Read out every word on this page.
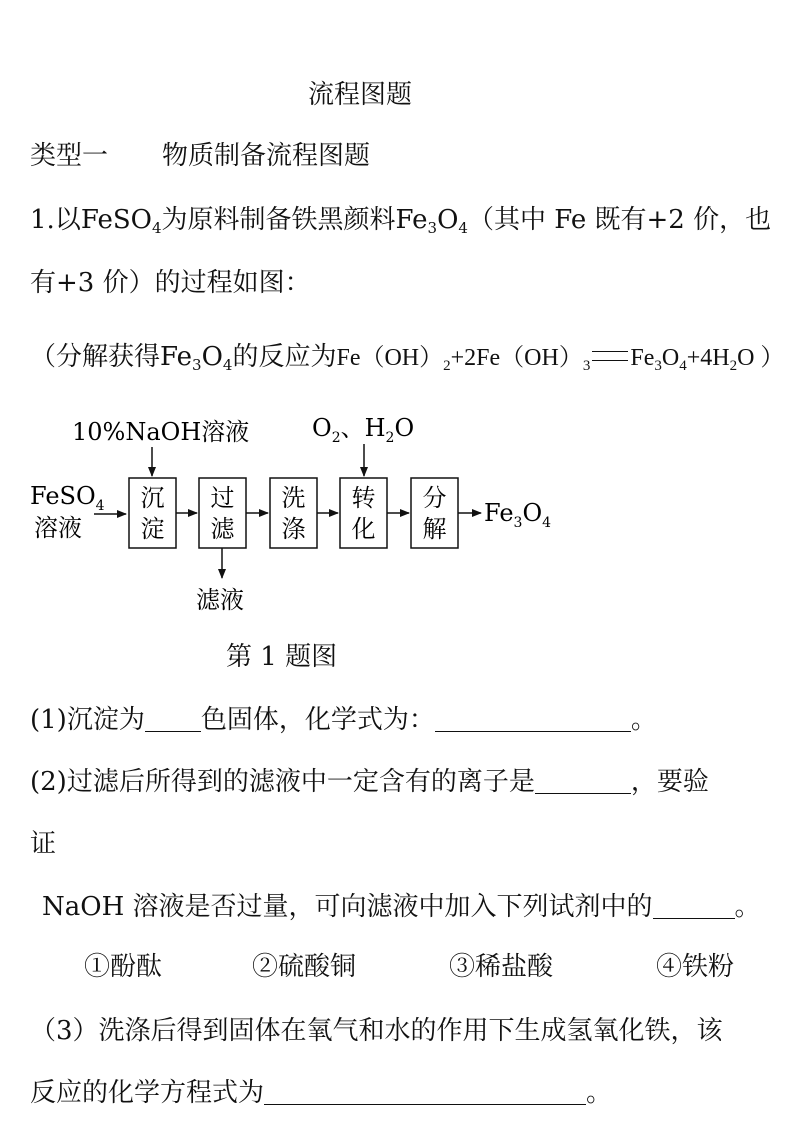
流程图题
类型一 物质制备流程图题
1.以FeSO$_4$为原料制备铁黑颜料$Fe_3O_4$（其中 Fe 既有+2 价，也
有+3 价）的过程如图：
（分解获得$Fe_3O_4$的反应为$Fe(OH)_2+2Fe(OH)_3$ $Fe_3O_4+4H_2O$ ）
10%NaOH溶液	$O_2$、$H_2O$
FeSO$_4$
溶液
沉
淀
过
滤
洗
涤
转
化
分
解
$Fe_3O_4$
滤液
第 1 题图
(1)沉淀为 色固体，化学式为：	。
(2)过滤后所得到的滤液中一定含有的离子是	，要验
证
NaOH 溶液是否过量，可向滤液中加入下列试剂中的	。
①酚酞	②硫酸铜	③稀盐酸	④铁粉
（3）洗涤后得到固体在氧气和水的作用下生成氢氧化铁，该
反应的化学方程式为	。
